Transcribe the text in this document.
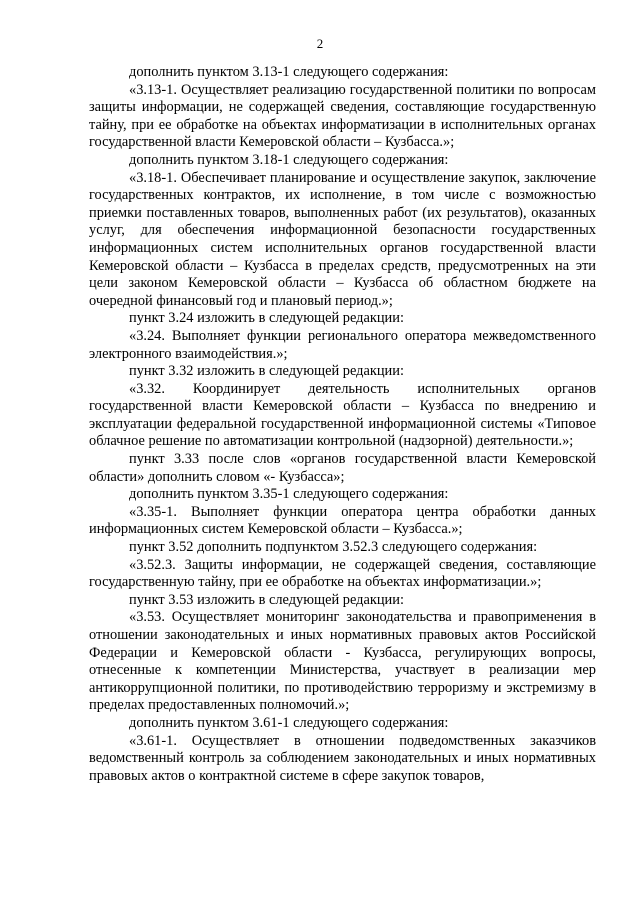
2

дополнить пунктом 3.13-1 следующего содержания:

«3.13-1. Осуществляет реализацию государственной политики по вопросам защиты информации, не содержащей сведения, составляющие государственную тайну, при ее обработке на объектах информатизации в исполнительных органах государственной власти Кемеровской области – Кузбасса.»;

дополнить пунктом 3.18-1 следующего содержания:

«3.18-1. Обеспечивает планирование и осуществление закупок, заключение государственных контрактов, их исполнение, в том числе с возможностью приемки поставленных товаров, выполненных работ (их результатов), оказанных услуг, для обеспечения информационной безопасности государственных информационных систем исполнительных органов государственной власти Кемеровской области – Кузбасса в пределах средств, предусмотренных на эти цели законом Кемеровской области – Кузбасса об областном бюджете на очередной финансовый год и плановый период.»;

пункт 3.24 изложить в следующей редакции:

«3.24. Выполняет функции регионального оператора межведомственного электронного взаимодействия.»;

пункт 3.32 изложить в следующей редакции:

«3.32. Координирует деятельность исполнительных органов государственной власти Кемеровской области – Кузбасса по внедрению и эксплуатации федеральной государственной информационной системы «Типовое облачное решение по автоматизации контрольной (надзорной) деятельности.»;

пункт 3.33 после слов «органов государственной власти Кемеровской области» дополнить словом «- Кузбасса»;

дополнить пунктом 3.35-1 следующего содержания:

«3.35-1. Выполняет функции оператора центра обработки данных информационных систем Кемеровской области – Кузбасса.»;

пункт 3.52 дополнить подпунктом 3.52.3 следующего содержания:

«3.52.3. Защиты информации, не содержащей сведения, составляющие государственную тайну, при ее обработке на объектах информатизации.»;

пункт 3.53 изложить в следующей редакции:

«3.53. Осуществляет мониторинг законодательства и правоприменения в отношении законодательных и иных нормативных правовых актов Российской Федерации и Кемеровской области - Кузбасса, регулирующих вопросы, отнесенные к компетенции Министерства, участвует в реализации мер антикоррупционной политики, по противодействию терроризму и экстремизму в пределах предоставленных полномочий.»;

дополнить пунктом 3.61-1 следующего содержания:

«3.61-1. Осуществляет в отношении подведомственных заказчиков ведомственный контроль за соблюдением законодательных и иных нормативных правовых актов о контрактной системе в сфере закупок товаров,
